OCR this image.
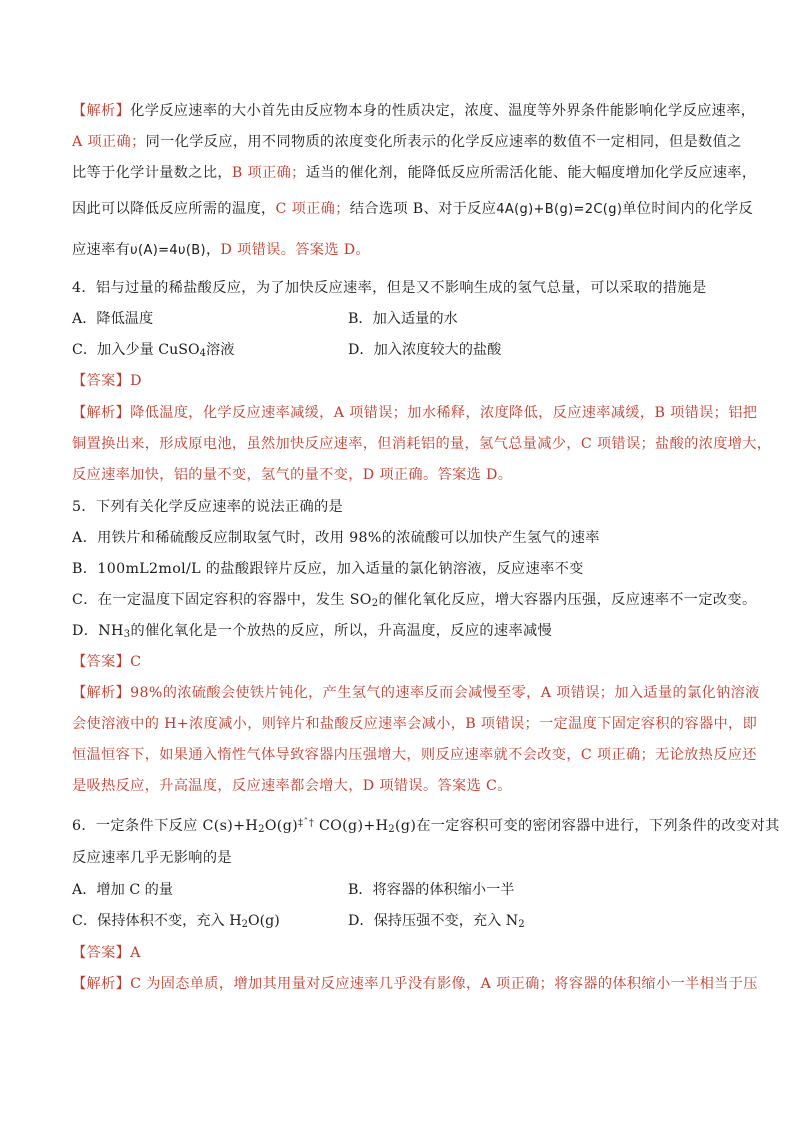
【解析】化学反应速率的大小首先由反应物本身的性质决定，浓度、温度等外界条件能影响化学反应速率，
A 项正确；同一化学反应，用不同物质的浓度变化所表示的化学反应速率的数值不一定相同，但是数值之
比等于化学计量数之比，B 项正确；适当的催化剂，能降低反应所需活化能、能大幅度增加化学反应速率，
因此可以降低反应所需的温度，C 项正确；结合选项 B、对于反应4A(g)+B(g)=2C(g)单位时间内的化学反
应速率有υ(A)=4υ(B)，D 项错误。答案选 D。
4．铝与过量的稀盐酸反应，为了加快反应速率，但是又不影响生成的氢气总量，可以采取的措施是
A．降低温度	B．加入适量的水
C．加入少量 CuSO$_4$溶液	D．加入浓度较大的盐酸
【答案】D
【解析】降低温度，化学反应速率减缓，A 项错误；加水稀释，浓度降低，反应速率减缓，B 项错误；铝把
铜置换出来，形成原电池，虽然加快反应速率，但消耗铝的量，氢气总量减少，C 项错误；盐酸的浓度增大，
反应速率加快，铝的量不变，氢气的量不变，D 项正确。答案选 D。
5．下列有关化学反应速率的说法正确的是
A．用铁片和稀硫酸反应制取氢气时，改用 98%的浓硫酸可以加快产生氢气的速率
B．100mL2mol/L 的盐酸跟锌片反应，加入适量的氯化钠溶液，反应速率不变
C．在一定温度下固定容积的容器中，发生 $SO_2$的催化氧化反应，增大容器内压强，反应速率不一定改变。
D．$NH_3$的催化氧化是一个放热的反应，所以，升高温度，反应的速率减慢
【答案】C
【解析】98%的浓硫酸会使铁片钝化，产生氢气的速率反而会减慢至零，A 项错误；加入适量的氯化钠溶液
会使溶液中的 H+浓度减小，则锌片和盐酸反应速率会减小，B 项错误；一定温度下固定容积的容器中，即
恒温恒容下，如果通入惰性气体导致容器内压强增大，则反应速率就不会改变，C 项正确；无论放热反应还
是吸热反应，升高温度，反应速率都会增大，D 项错误。答案选 C。
6．一定条件下反应 $C(s)+H_2O(g)^{\ddagger ˆ\dagger}$ $CO(g)+H_2(g)$在一定容积可变的密闭容器中进行，下列条件的改变对其
反应速率几乎无影响的是
A．增加 C 的量	B．将容器的体积缩小一半
C．保持体积不变，充入 $H_2O(g)$	D．保持压强不变，充入 $N_2$
【答案】A
【解析】C 为固态单质，增加其用量对反应速率几乎没有影像，A 项正确；将容器的体积缩小一半相当于压
